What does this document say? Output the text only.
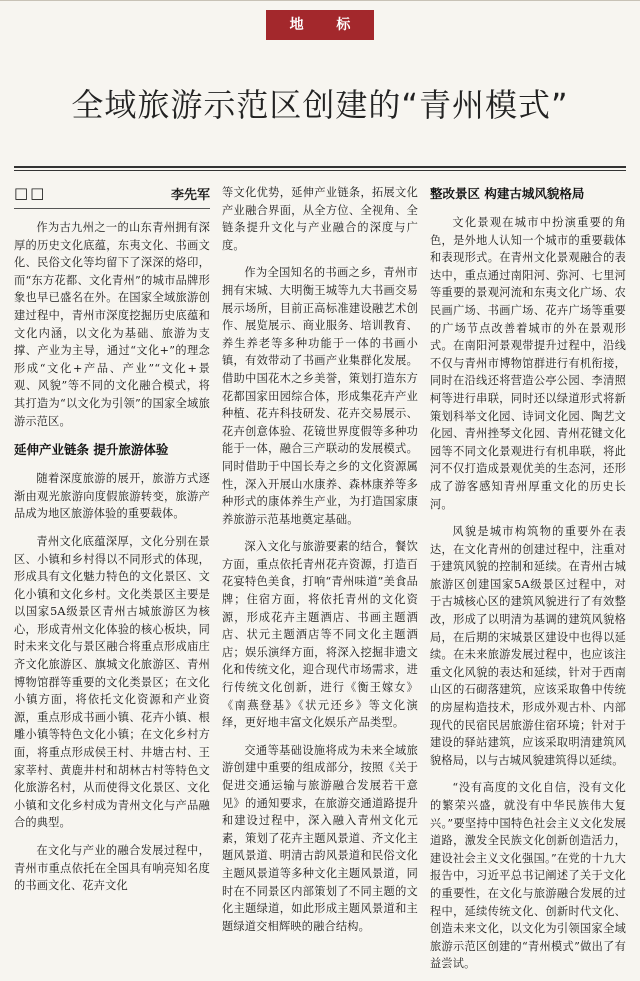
地 标
全域旅游示范区创建的“青州模式”
□□	李先军

作为古九州之一的山东青州拥有深厚的历史文化底蕴，东夷文化、书画文化、民俗文化等均留下了深深的烙印，而“东方花都、文化青州”的城市品牌形象也早已盛名在外。在国家全域旅游创建过程中，青州市深度挖掘历史底蕴和文化内涵，以文化为基础、旅游为支撑、产业为主导，通过“文化+”的理念形成“文化+产品、产业”“文化+景观、风貌”等不同的文化融合模式，将其打造为“以文化为引领”的国家全域旅游示范区。

延伸产业链条 提升旅游体验

随着深度旅游的展开，旅游方式逐渐由观光旅游向度假旅游转变，旅游产品成为地区旅游体验的重要载体。

青州文化底蕴深厚，文化分别在景区、小镇和乡村得以不同形式的体现，形成具有文化魅力特色的文化景区、文化小镇和文化乡村。文化类景区主要是以国家5A级景区青州古城旅游区为核心，形成青州文化体验的核心板块，同时未来文化与景区融合将重点形成庙庄齐文化旅游区、旗城文化旅游区、青州博物馆群等重要的文化类景区；在文化小镇方面，将依托文化资源和产业资源，重点形成书画小镇、花卉小镇、根雕小镇等特色文化小镇；在文化乡村方面，将重点形成侯王村、井塘古村、王家莘村、黄鹿井村和胡林古村等特色文化旅游名村，从而使得文化景区、文化小镇和文化乡村成为青州文化与产品融合的典型。

在文化与产业的融合发展过程中，青州市重点依托在全国具有响亮知名度的书画文化、花卉文化

等文化优势，延伸产业链条，拓展文化产业融合界面，从全方位、全视角、全链条提升文化与产业融合的深度与广度。

作为全国知名的书画之乡，青州市拥有宋城、大明衡王城等九大书画交易展示场所，目前正高标准建设融艺术创作、展览展示、商业服务、培训教育、养生养老等多种功能于一体的书画小镇，有效带动了书画产业集群化发展。借助中国花木之乡美誉，策划打造东方花都国家田园综合体，形成集花卉产业种植、花卉科技研发、花卉交易展示、花卉创意体验、花镜世界度假等多种功能于一体，融合三产联动的发展模式。同时借助于中国长寿之乡的文化资源属性，深入开展山水康养、森林康养等多种形式的康体养生产业，为打造国家康养旅游示范基地奠定基础。

深入文化与旅游要素的结合，餐饮方面，重点依托青州花卉资源，打造百花宴特色美食，打响“青州味道”美食品牌；住宿方面，将依托青州的文化资源，形成花卉主题酒店、书画主题酒店、状元主题酒店等不同文化主题酒店；娱乐演绎方面，将深入挖掘非遗文化和传统文化，迎合现代市场需求，进行传统文化创新，进行《衡王嫁女》《南燕登基》《状元还乡》等文化演绎，更好地丰富文化娱乐产品类型。

交通等基础设施将成为未来全域旅游创建中重要的组成部分，按照《关于促进交通运输与旅游融合发展若干意见》的通知要求，在旅游交通道路提升和建设过程中，深入融入青州文化元素，策划了花卉主题风景道、齐文化主题风景道、明清古韵风景道和民俗文化主题风景道等多种文化主题风景道，同时在不同景区内部策划了不同主题的文化主题绿道，如此形成主题风景道和主题绿道交相辉映的融合结构。

整改景区 构建古城风貌格局

文化景观在城市中扮演重要的角色，是外地人认知一个城市的重要载体和表现形式。在青州文化景观融合的表达中，重点通过南阳河、弥河、七里河等重要的景观河流和东夷文化广场、农民画广场、书画广场、花卉广场等重要的广场节点改善着城市的外在景观形式。在南阳河景观带提升过程中，沿线不仅与青州市博物馆群进行有机衔接，同时在沿线还将营造公亭公园、李清照柯等进行串联，同时还以绿道形式将新策划科举文化园、诗词文化园、陶艺文化园、青州挫琴文化园、青州花键文化园等不同文化景观进行有机串联，将此河不仅打造成景观优美的生态河，还形成了游客感知青州厚重文化的历史长河。

风貌是城市构筑物的重要外在表达，在文化青州的创建过程中，注重对于建筑风貌的控制和延续。在青州古城旅游区创建国家5A级景区过程中，对于古城核心区的建筑风貌进行了有效整改，形成了以明清为基调的建筑风貌格局，在后期的宋城景区建设中也得以延续。在未来旅游发展过程中，也应该注重文化风貌的表达和延续，针对于西南山区的石砌落建筑，应该采取鲁中传统的房屋构造技术，形成外观古朴、内部现代的民宿民居旅游住宿环境；针对于建设的驿站建筑，应该采取明清建筑风貌格局，以与古城风貌建筑得以延续。

“没有高度的文化自信，没有文化的繁荣兴盛，就没有中华民族伟大复兴。”要坚持中国特色社会主义文化发展道路，激发全民族文化创新创造活力，建设社会主义文化强国。”在党的十九大报告中，习近平总书记阐述了关于文化的重要性，在文化与旅游融合发展的过程中，延续传统文化、创新时代文化、创造未来文化，以文化为引领国家全域旅游示范区创建的“青州模式”做出了有益尝试。
